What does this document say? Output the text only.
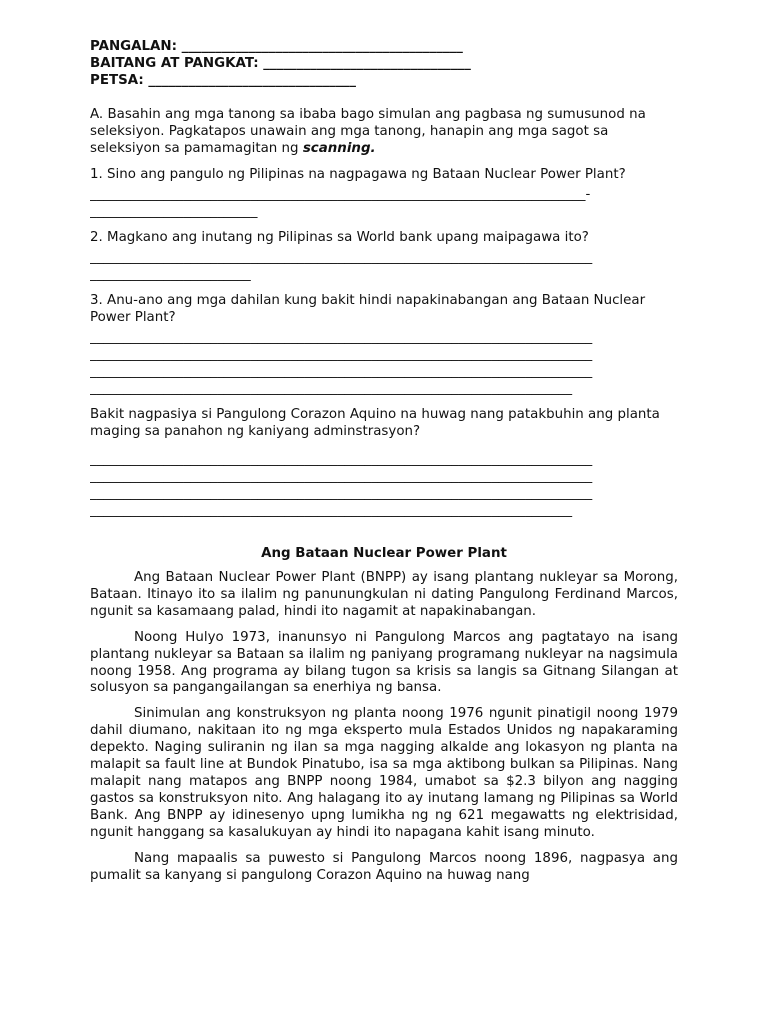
PANGALAN: __________________________________________
BAITANG AT PANGKAT: _______________________________
PETSA: _______________________________

A. Basahin ang mga tanong sa ibaba bago simulan ang pagbasa ng sumusunod na seleksiyon. Pagkatapos unawain ang mga tanong, hanapin ang mga sagot sa seleksiyon sa pamamagitan ng scanning.

1. Sino ang pangulo ng Pilipinas na nagpagawa ng Bataan Nuclear Power Plant?

__________________________________________________________________________-
_________________________

2. Magkano ang inutang ng Pilipinas sa World bank upang maipagawa ito?

___________________________________________________________________________
________________________

3. Anu-ano ang mga dahilan kung bakit hindi napakinabangan ang Bataan Nuclear Power Plant?

___________________________________________________________________________
___________________________________________________________________________
___________________________________________________________________________
________________________________________________________________________

Bakit nagpasiya si Pangulong Corazon Aquino na huwag nang patakbuhin ang planta maging sa panahon ng kaniyang adminstrasyon?

___________________________________________________________________________
___________________________________________________________________________
___________________________________________________________________________
________________________________________________________________________
Ang Bataan Nuclear Power Plant

Ang Bataan Nuclear Power Plant (BNPP) ay isang plantang nukleyar sa Morong, Bataan. Itinayo ito sa ilalim ng panunungkulan ni dating Pangulong Ferdinand Marcos, ngunit sa kasamaang palad, hindi ito nagamit at napakinabangan.

Noong Hulyo 1973, inanunsyo ni Pangulong Marcos ang pagtatayo na isang plantang nukleyar sa Bataan sa ilalim ng paniyang programang nukleyar na nagsimula noong 1958. Ang programa ay bilang tugon sa krisis sa langis sa Gitnang Silangan at solusyon sa pangangailangan sa enerhiya ng bansa.

Sinimulan ang konstruksyon ng planta noong 1976 ngunit pinatigil noong 1979 dahil diumano, nakitaan ito ng mga eksperto mula Estados Unidos ng napakaraming depekto. Naging suliranin ng ilan sa mga nagging alkalde ang lokasyon ng planta na malapit sa fault line at Bundok Pinatubo, isa sa mga aktibong bulkan sa Pilipinas. Nang malapit nang matapos ang BNPP noong 1984, umabot sa $2.3 bilyon ang nagging gastos sa konstruksyon nito. Ang halagang ito ay inutang lamang ng Pilipinas sa World Bank. Ang BNPP ay idinesenyo upng lumikha ng ng 621 megawatts ng elektrisidad, ngunit hanggang sa kasalukuyan ay hindi ito napagana kahit isang minuto.

Nang mapaalis sa puwesto si Pangulong Marcos noong 1896, nagpasya ang pumalit sa kanyang si pangulong Corazon Aquino na huwag nang
